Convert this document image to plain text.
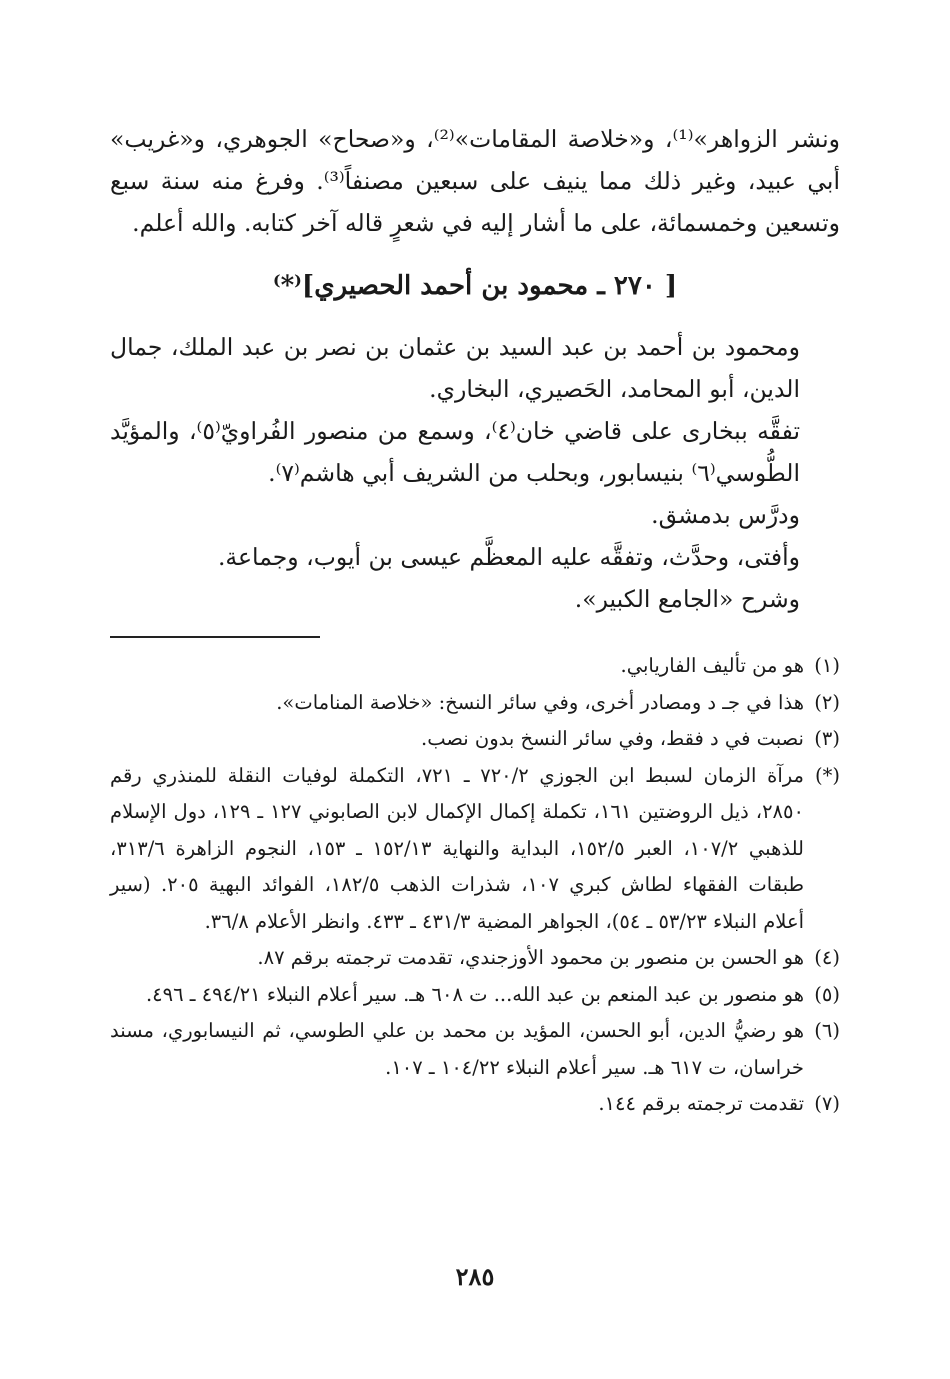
ونشر الزواهر»⁽¹⁾، و«خلاصة المقامات»⁽²⁾، و«صحاح» الجوهري، و«غريب» أبي عبيد، وغير ذلك مما ينيف على سبعين مصنفاً⁽³⁾. وفرغ منه سنة سبع وتسعين وخمسمائة، على ما أشار إليه في شعرٍ قاله آخر كتابه. والله أعلم.

[ ٢٧٠ ـ محمود بن أحمد الحصيري]⁽*⁾

ومحمود بن أحمد بن عبد السيد بن عثمان بن نصر بن عبد الملك، جمال الدين، أبو المحامد، الحَصيري، البخاري.

تفقَّه ببخارى على قاضي خان⁽٤⁾، وسمع من منصور الفُراويّ⁽٥⁾، والمؤيَّد الطُّوسي⁽٦⁾ بنيسابور، وبحلب من الشريف أبي هاشم⁽٧⁾.

ودرَّس بدمشق.

وأفتى، وحدَّث، وتفقَّه عليه المعظَّم عيسى بن أيوب، وجماعة.

وشرح «الجامع الكبير».

(١)
هو من تأليف الفاريابي.
(٢)
هذا في جـ د ومصادر أخرى، وفي سائر النسخ: «خلاصة المنامات».
(٣)
نصبت في د فقط، وفي سائر النسخ بدون نصب.
(*)
مرآة الزمان لسبط ابن الجوزي ٧٢٠/٢ ـ ٧٢١، التكملة لوفيات النقلة للمنذري رقم ٢٨٥٠، ذيل الروضتين ١٦١، تكملة إكمال الإكمال لابن الصابوني ١٢٧ ـ ١٢٩، دول الإسلام للذهبي ١٠٧/٢، العبر ١٥٢/٥، البداية والنهاية ١٥٢/١٣ ـ ١٥٣، النجوم الزاهرة ٣١٣/٦، طبقات الفقهاء لطاش كبري ١٠٧، شذرات الذهب ١٨٢/٥، الفوائد البهية ٢٠٥. (سير أعلام النبلاء ٥٣/٢٣ ـ ٥٤)، الجواهر المضية ٤٣١/٣ ـ ٤٣٣. وانظر الأعلام ٣٦/٨.
(٤)
هو الحسن بن منصور بن محمود الأوزجندي، تقدمت ترجمته برقم ٨٧.
(٥)
هو منصور بن عبد المنعم بن عبد الله... ت ٦٠٨ هـ. سير أعلام النبلاء ٤٩٤/٢١ ـ ٤٩٦.
(٦)
هو رضيُّ الدين، أبو الحسن، المؤيد بن محمد بن علي الطوسي، ثم النيسابوري، مسند خراسان، ت ٦١٧ هـ. سير أعلام النبلاء ١٠٤/٢٢ ـ ١٠٧.
(٧)
تقدمت ترجمته برقم ١٤٤.
٢٨٥
